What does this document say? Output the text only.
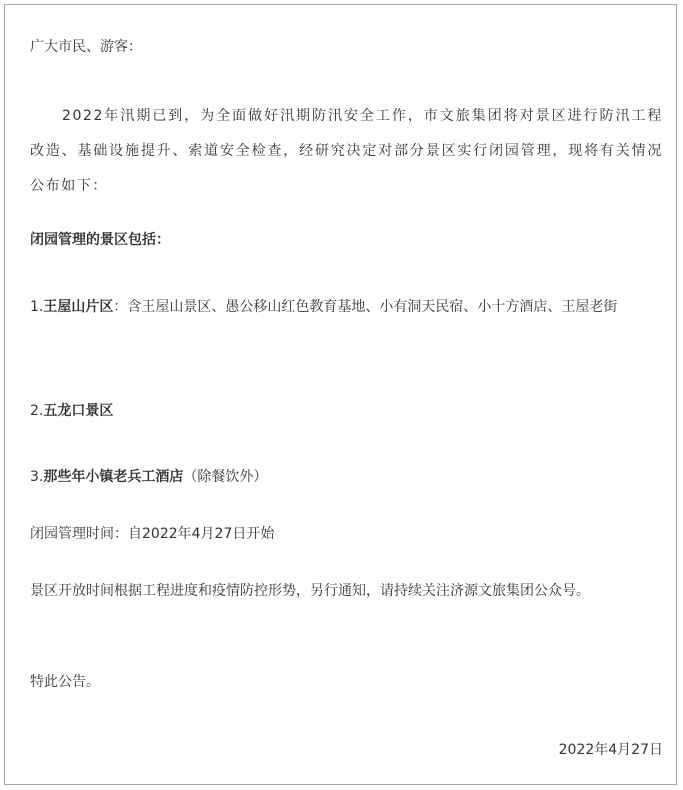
广大市民、游客：
2022年汛期已到，为全面做好汛期防汛安全工作，市文旅集团将对景区进行防汛工程改造、基础设施提升、索道安全检查，经研究决定对部分景区实行闭园管理，现将有关情况公布如下：
闭园管理的景区包括：
1.王屋山片区：含王屋山景区、愚公移山红色教育基地、小有洞天民宿、小十方酒店、王屋老街
2.五龙口景区
3.那些年小镇老兵工酒店（除餐饮外）
闭园管理时间：自2022年4月27日开始
景区开放时间根据工程进度和疫情防控形势，另行通知，请持续关注济源文旅集团公众号。
特此公告。
2022年4月27日
